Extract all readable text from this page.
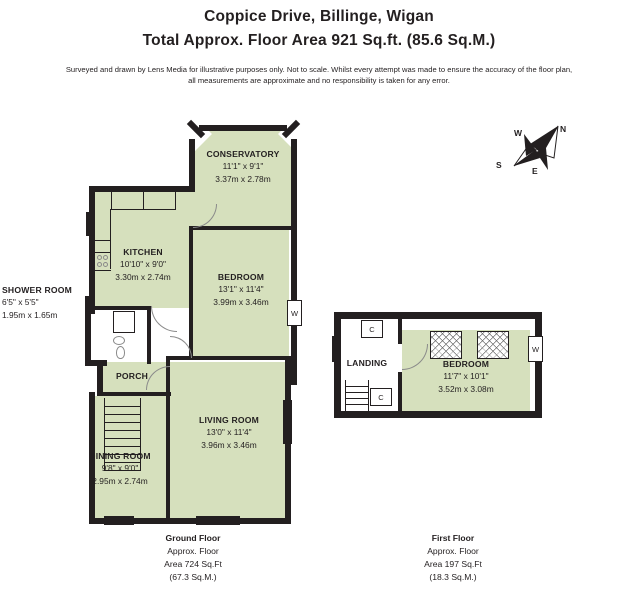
Coppice Drive, Billinge, Wigan
Total Approx. Floor Area 921 Sq.ft. (85.6 Sq.M.)
Surveyed and drawn by Lens Media for illustrative purposes only. Not to scale. Whilst every attempt was made to ensure the accuracy of the floor plan,
all measurements are approximate and no responsibility is taken for any error.
W
W
C
C
CONSERVATORY
11'1" x 9'1"
3.37m x 2.78m
KITCHEN
10'10" x 9'0"
3.30m x 2.74m
SHOWER ROOM
6'5" x 5'5"
1.95m x 1.65m
BEDROOM
13'1" x 11'4"
3.99m x 3.46m
PORCH
LIVING ROOM
13'0" x 11'4"
3.96m x 3.46m
DINING ROOM
9'8" x 9'0"
2.95m x 2.74m
LANDING	BEDROOM
11'7" x 10'1"
3.52m x 3.08m
N
W
S
E
Ground Floor
Approx. Floor
Area 724 Sq.Ft
(67.3 Sq.M.)
First Floor
Approx. Floor
Area 197 Sq.Ft
(18.3 Sq.M.)
